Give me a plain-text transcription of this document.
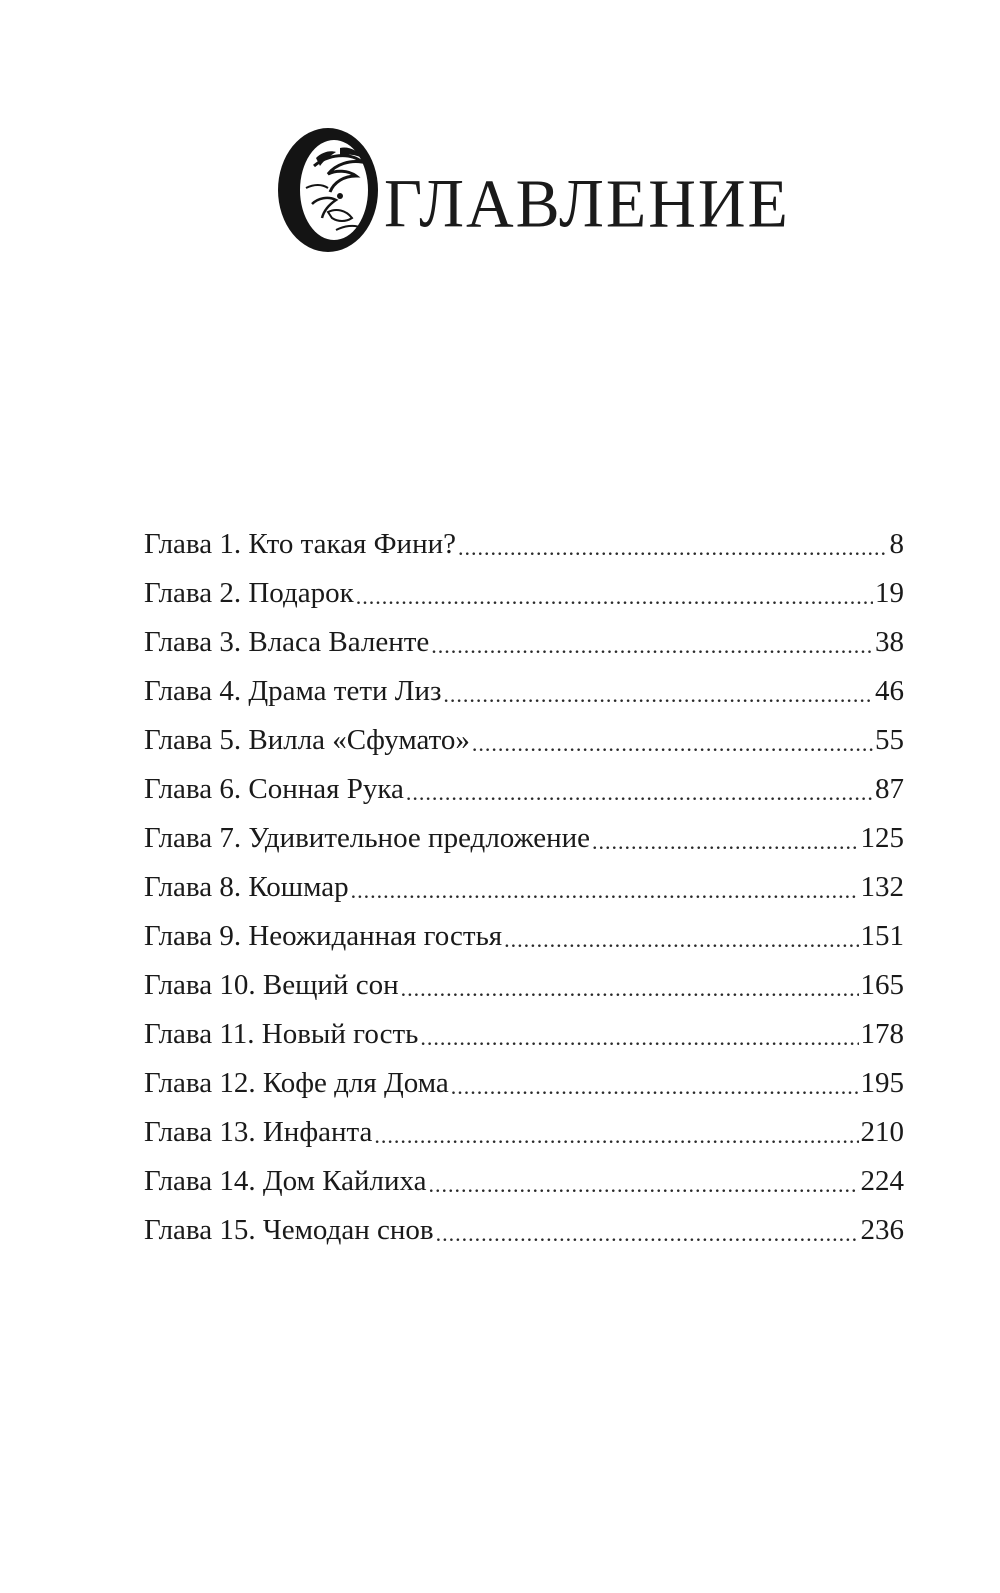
ГЛАВЛЕНИЕ
Глава 1. Кто такая Фини? .....	8
Глава 2. Подарок .....	19
Глава 3. Власа Валенте .....	38
Глава 4. Драма тети Лиз .....	46
Глава 5. Вилла «Сфумато» .....	55
Глава 6. Сонная Рука .....	87
Глава 7. Удивительное предложение .....	125
Глава 8. Кошмар .....	132
Глава 9. Неожиданная гостья .....	151
Глава 10. Вещий сон .....	165
Глава 11. Новый гость .....	178
Глава 12. Кофе для Дома .....	195
Глава 13. Инфанта .....	210
Глава 14. Дом Кайлиха .....	224
Глава 15. Чемодан снов .....	236
